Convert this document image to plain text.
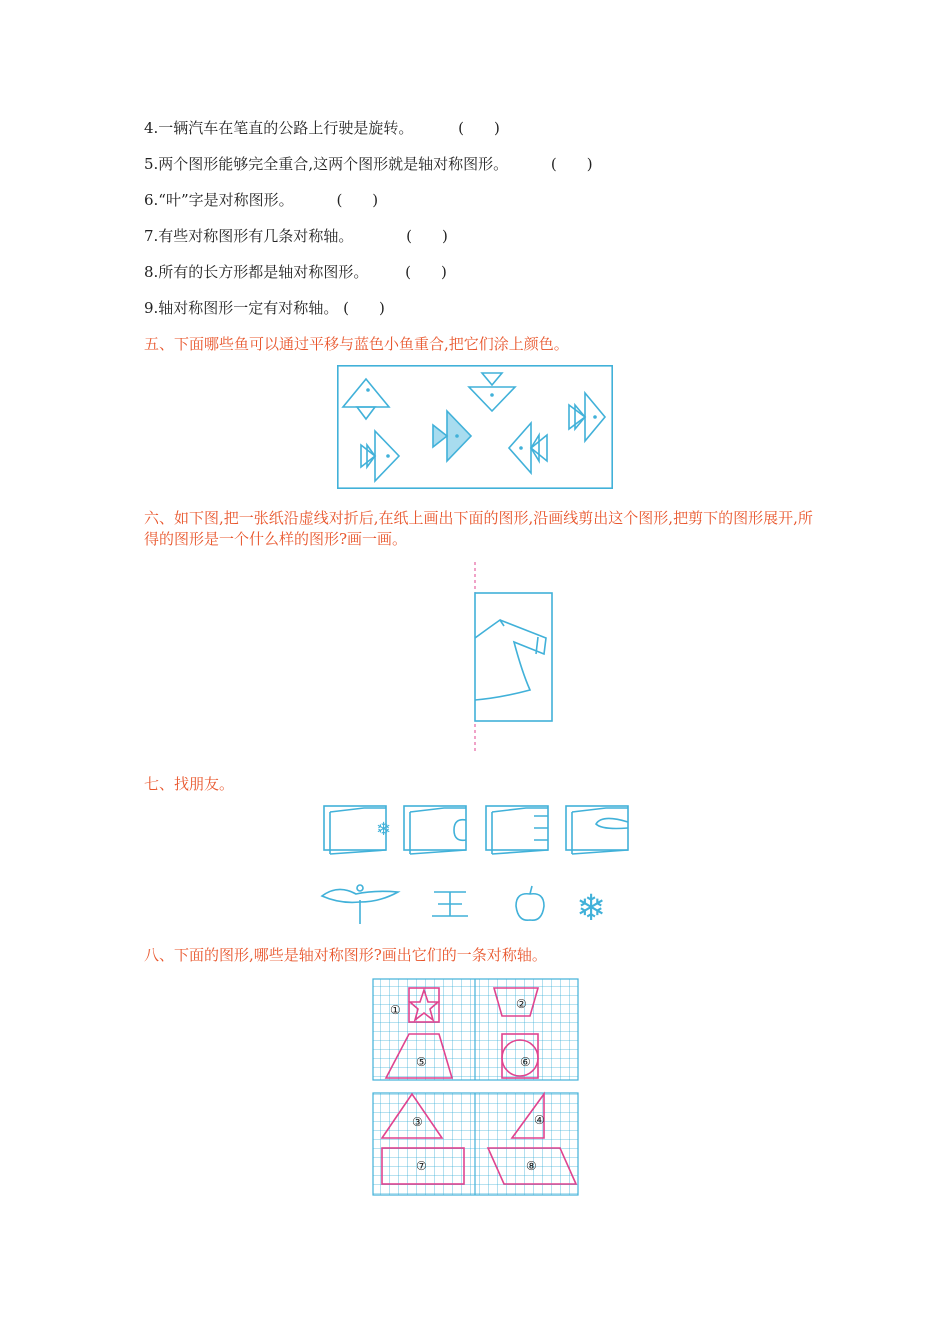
4.一辆汽车在笔直的公路上行驶是旋转。	(　　)
5.两个图形能够完全重合,这两个图形就是轴对称图形。	(　　)
6.“叶”字是对称图形。	(　　)
7.有些对称图形有几条对称轴。	(　　)
8.所有的长方形都是轴对称图形。 (　　)
9.轴对称图形一定有对称轴。 (　　)
五、下面哪些鱼可以通过平移与蓝色小鱼重合,把它们涂上颜色。
六、如下图,把一张纸沿虚线对折后,在纸上画出下面的图形,沿画线剪出这个图形,把剪下的图形展开,所得的图形是一个什么样的图形?画一画。
七、找朋友。
❄
❄
八、下面的图形,哪些是轴对称图形?画出它们的一条对称轴。
①	②
⑤	⑥
③	④
⑦	⑧
